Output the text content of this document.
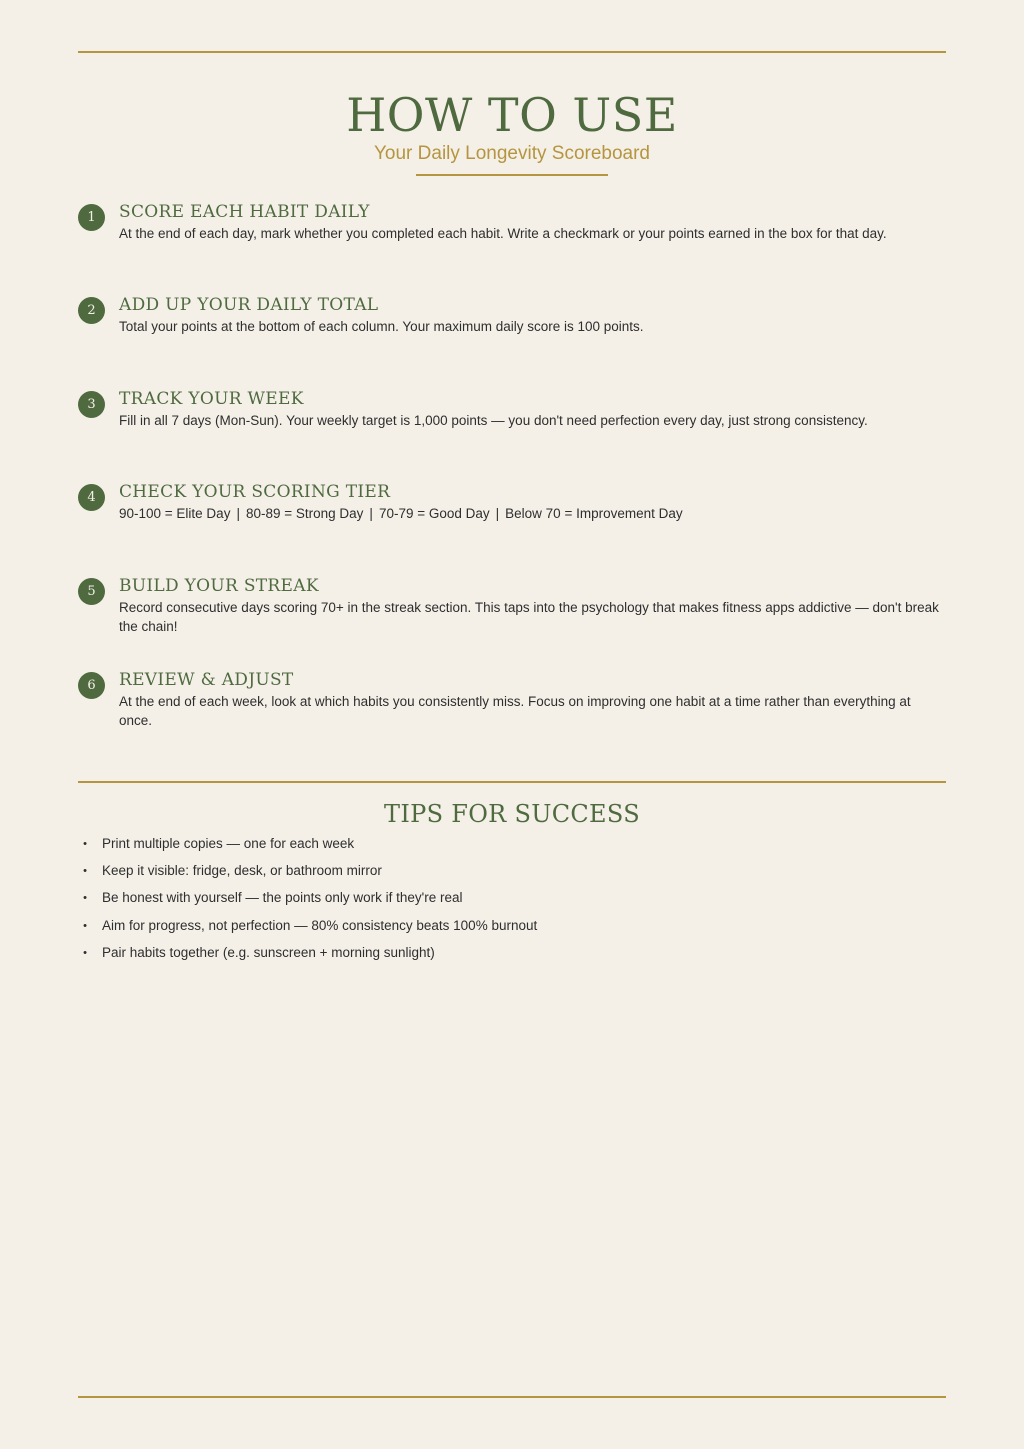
HOW TO USE
Your Daily Longevity Scoreboard
1	SCORE EACH HABIT DAILY
At the end of each day, mark whether you completed each habit. Write a checkmark or your points earned in the box for that day.
2	ADD UP YOUR DAILY TOTAL
Total your points at the bottom of each column. Your maximum daily score is 100 points.
3	TRACK YOUR WEEK
Fill in all 7 days (Mon-Sun). Your weekly target is 1,000 points — you don't need perfection every day, just strong consistency.
4	CHECK YOUR SCORING TIER
90-100 = Elite Day | 80-89 = Strong Day | 70-79 = Good Day | Below 70 = Improvement Day
5	BUILD YOUR STREAK
Record consecutive days scoring 70+ in the streak section. This taps into the psychology that makes fitness apps addictive — don't break the chain!
6	REVIEW & ADJUST
At the end of each week, look at which habits you consistently miss. Focus on improving one habit at a time rather than everything at once.
TIPS FOR SUCCESS
• Print multiple copies — one for each week
• Keep it visible: fridge, desk, or bathroom mirror
• Be honest with yourself — the points only work if they're real
• Aim for progress, not perfection — 80% consistency beats 100% burnout
• Pair habits together (e.g. sunscreen + morning sunlight)
